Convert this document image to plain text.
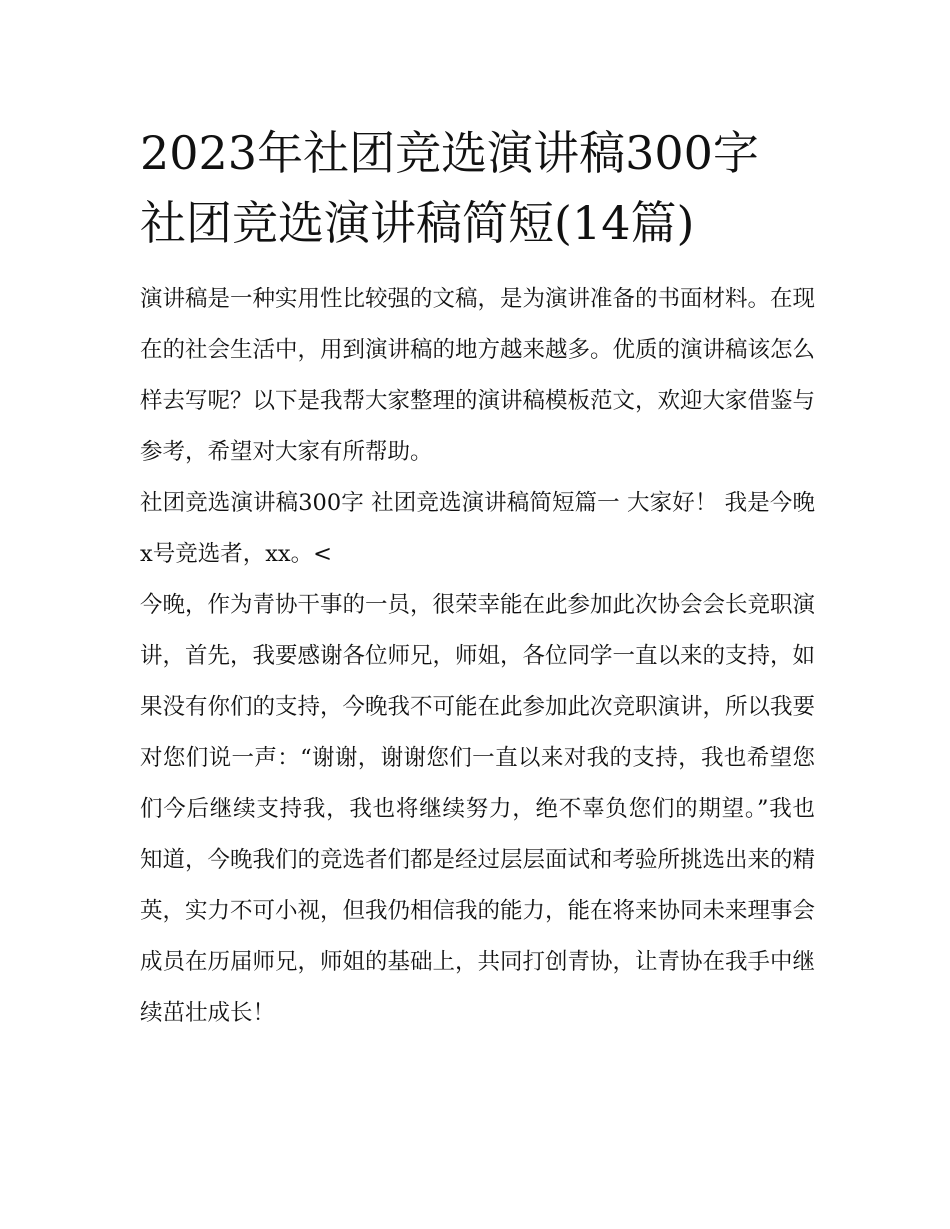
2023年社团竞选演讲稿300字
社团竞选演讲稿简短(14篇)

演讲稿是一种实用性比较强的文稿，是为演讲准备的书面材料。在现在的社会生活中，用到演讲稿的地方越来越多。优质的演讲稿该怎么样去写呢？以下是我帮大家整理的演讲稿模板范文，欢迎大家借鉴与参考，希望对大家有所帮助。

社团竞选演讲稿300字 社团竞选演讲稿简短篇一 大家好！ 我是今晚x号竞选者，xx。<

今晚，作为青协干事的一员，很荣幸能在此参加此次协会会长竞职演讲，首先，我要感谢各位师兄，师姐，各位同学一直以来的支持，如果没有你们的支持，今晚我不可能在此参加此次竞职演讲，所以我要对您们说一声：“谢谢，谢谢您们一直以来对我的支持，我也希望您们今后继续支持我，我也将继续努力，绝不辜负您们的期望。”我也知道，今晚我们的竞选者们都是经过层层面试和考验所挑选出来的精英，实力不可小视，但我仍相信我的能力，能在将来协同未来理事会成员在历届师兄，师姐的基础上，共同打创青协，让青协在我手中继续茁壮成长！
